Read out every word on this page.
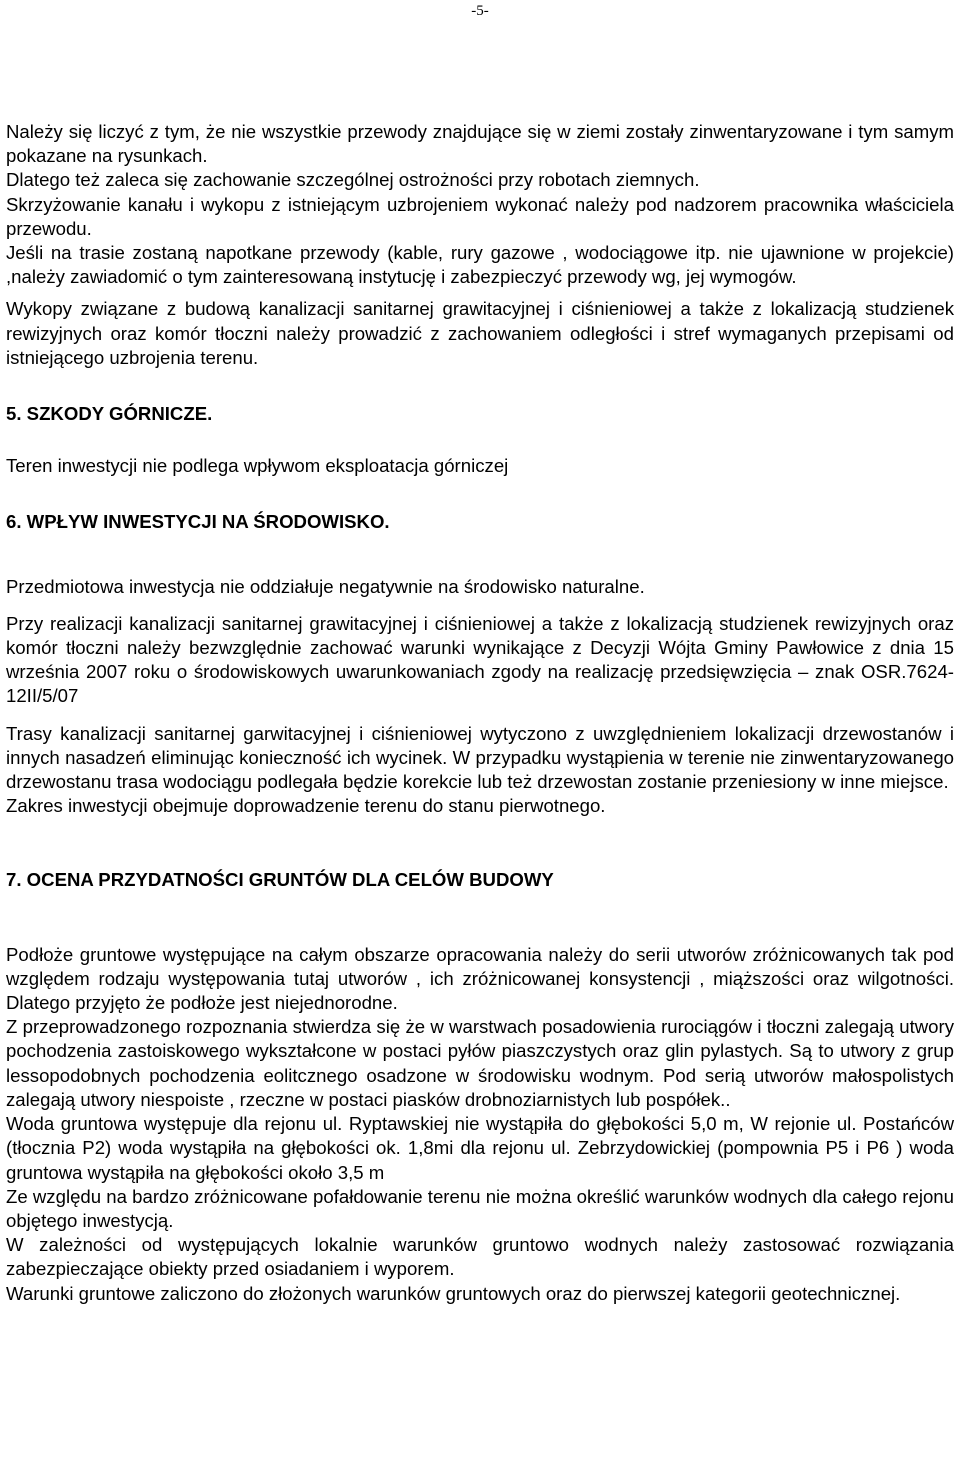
-5-

Należy się liczyć z tym, że nie wszystkie przewody znajdujące się w ziemi zostały zinwentaryzowane i tym samym pokazane na rysunkach.

Dlatego też zaleca się zachowanie szczególnej ostrożności przy robotach ziemnych.

Skrzyżowanie kanału i wykopu z istniejącym uzbrojeniem wykonać należy pod nadzorem pracownika właściciela przewodu.

Jeśli na trasie zostaną napotkane przewody (kable, rury gazowe , wodociągowe itp. nie ujawnione w projekcie) ,należy zawiadomić o tym zainteresowaną instytucję i zabezpieczyć przewody wg, jej wymogów.

Wykopy związane z budową kanalizacji sanitarnej grawitacyjnej i ciśnieniowej a także z lokalizacją studzienek rewizyjnych oraz komór tłoczni należy prowadzić z zachowaniem odległości i stref wymaganych przepisami od istniejącego uzbrojenia terenu.

5. SZKODY GÓRNICZE.

Teren inwestycji nie podlega wpływom eksploatacja górniczej

6. WPŁYW INWESTYCJI NA ŚRODOWISKO.

Przedmiotowa inwestycja nie oddziałuje negatywnie na środowisko naturalne.

Przy realizacji kanalizacji sanitarnej grawitacyjnej i ciśnieniowej a także z lokalizacją studzienek rewizyjnych oraz komór tłoczni należy bezwzględnie zachować warunki wynikające z Decyzji Wójta Gminy Pawłowice z dnia 15 września 2007 roku o środowiskowych uwarunkowaniach zgody na realizację przedsięwzięcia – znak OSR.7624-12II/5/07

Trasy kanalizacji sanitarnej garwitacyjnej i ciśnieniowej wytyczono z uwzględnieniem lokalizacji drzewostanów i innych nasadzeń eliminując konieczność ich wycinek. W przypadku wystąpienia w terenie nie zinwentaryzowanego drzewostanu trasa wodociągu podlegała będzie korekcie lub też drzewostan zostanie przeniesiony w inne miejsce.

Zakres inwestycji obejmuje doprowadzenie terenu do stanu pierwotnego.

7. OCENA PRZYDATNOŚCI GRUNTÓW DLA CELÓW BUDOWY

Podłoże gruntowe występujące na całym obszarze opracowania należy do serii utworów zróżnicowanych tak pod względem rodzaju występowania tutaj utworów , ich zróżnicowanej konsystencji , miąższości oraz wilgotności. Dlatego przyjęto że podłoże jest niejednorodne.

Z przeprowadzonego rozpoznania stwierdza się że w warstwach posadowienia rurociągów i tłoczni zalegają utwory pochodzenia zastoiskowego wykształcone w postaci pyłów piaszczystych oraz glin pylastych. Są to utwory z grup lessopodobnych pochodzenia eolitcznego osadzone w środowisku wodnym. Pod serią utworów małospolistych zalegają utwory niespoiste , rzeczne w postaci piasków drobnoziarnistych lub pospółek..

Woda gruntowa występuje dla rejonu ul. Ryptawskiej nie wystąpiła do głębokości 5,0 m, W rejonie ul. Postańców (tłocznia P2) woda wystąpiła na głębokości ok. 1,8mi dla rejonu ul. Zebrzydowickiej (pompownia P5 i P6 ) woda gruntowa wystąpiła na głębokości około 3,5 m

Ze względu na bardzo zróżnicowane pofałdowanie terenu nie można określić warunków wodnych dla całego rejonu objętego inwestycją.

W zależności od występujących lokalnie warunków gruntowo wodnych należy zastosować rozwiązania zabezpieczające obiekty przed osiadaniem i wyporem.

Warunki gruntowe zaliczono do złożonych warunków gruntowych oraz do pierwszej kategorii geotechnicznej.
